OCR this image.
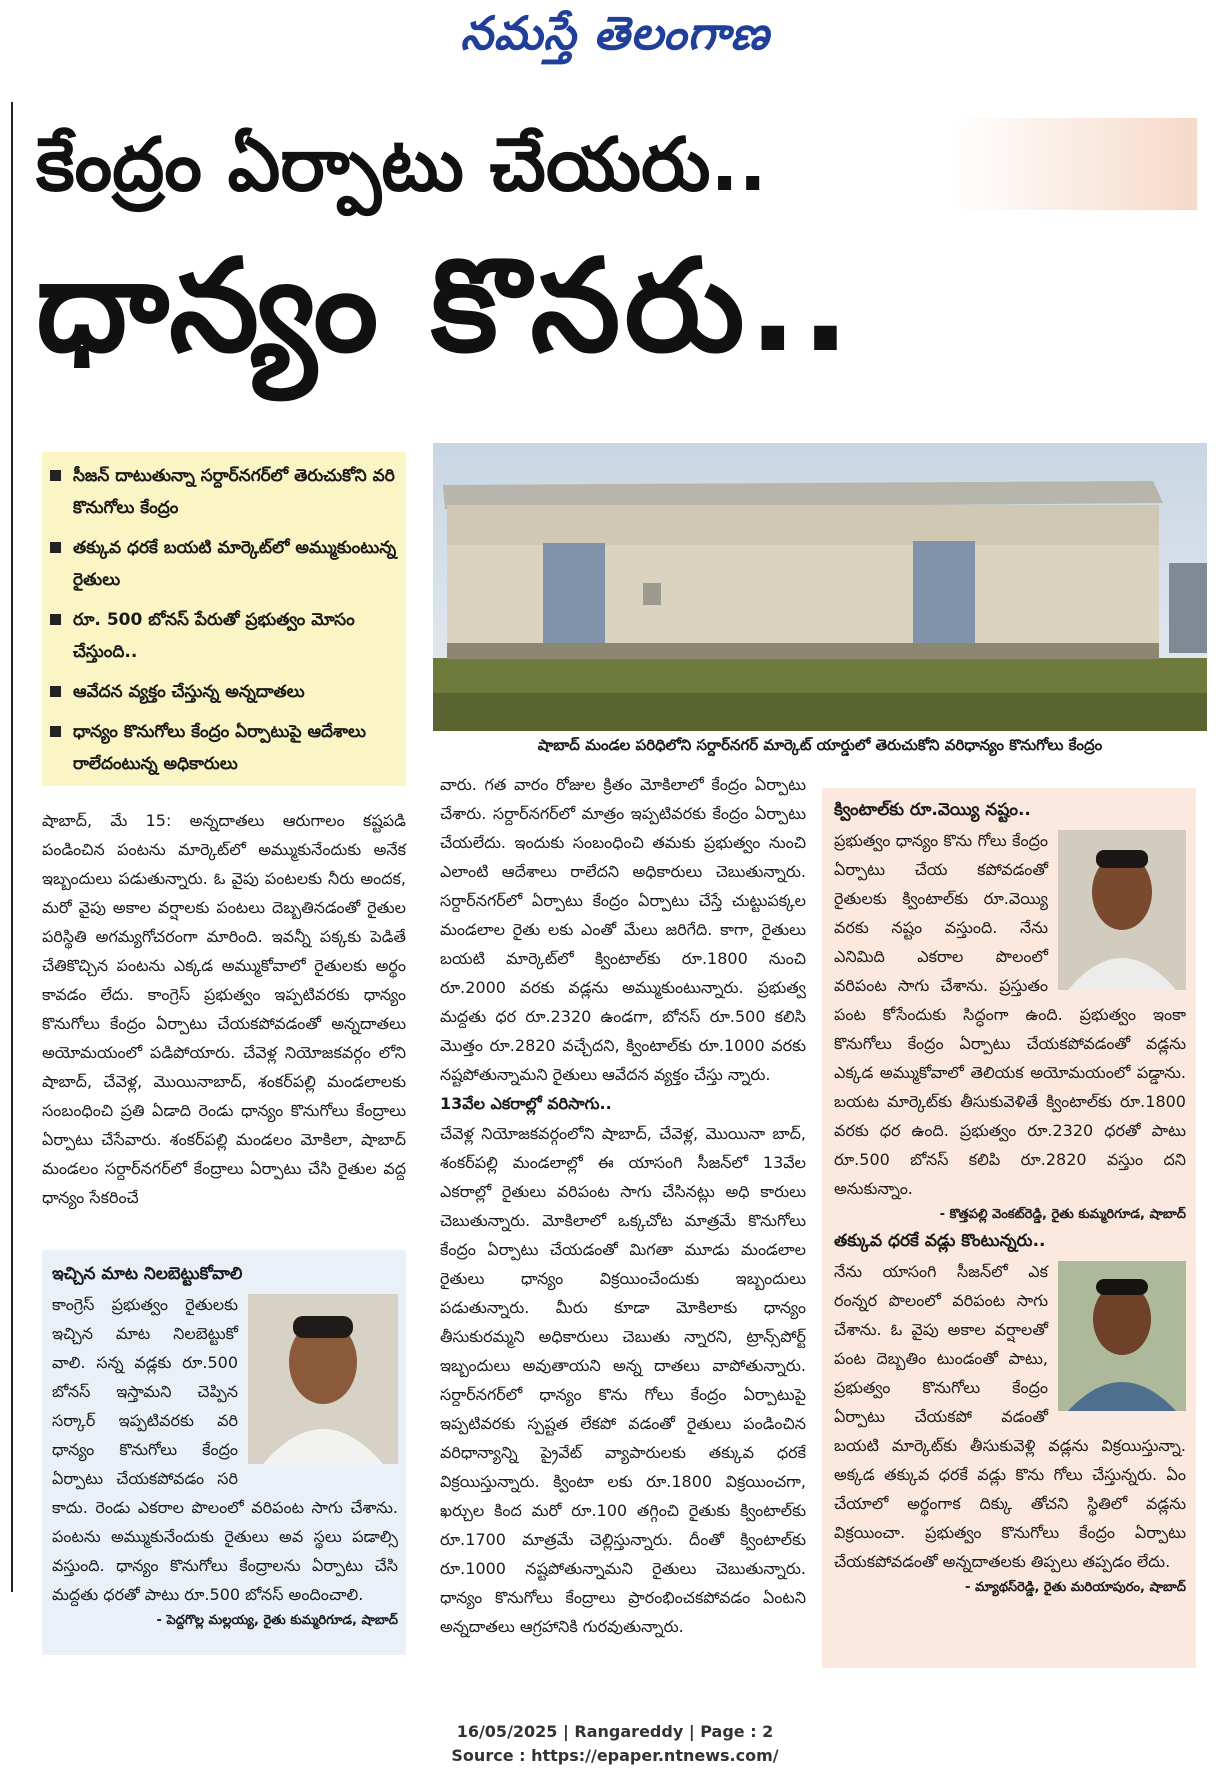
నమస్తే తెలంగాణ
కేంద్రం ఏర్పాటు చేయరు..
ధాన్యం కొనరు..
సీజన్ దాటుతున్నా సర్దార్‌నగర్‌లో తెరుచుకోని వరి కొనుగోలు కేంద్రం
తక్కువ ధరకే బయటి మార్కెట్‌లో అమ్ముకుంటున్న రైతులు
రూ. 500 బోనస్ పేరుతో ప్రభుత్వం మోసం చేస్తుంది..
ఆవేదన వ్యక్తం చేస్తున్న అన్నదాతలు
ధాన్యం కొనుగోలు కేంద్రం ఏర్పాటుపై ఆదేశాలు రాలేదంటున్న అధికారులు
షాబాద్ మండల పరిధిలోని సర్దార్‌నగర్ మార్కెట్ యార్డులో తెరుచుకోని వరిధాన్యం కొనుగోలు కేంద్రం
షాబాద్, మే 15: అన్నదాతలు ఆరుగాలం కష్టపడి పండించిన పంటను మార్కెట్‌లో అమ్ముకునేందుకు అనేక ఇబ్బందులు పడుతున్నారు. ఓ వైపు పంటలకు నీరు అందక, మరో వైపు అకాల వర్షాలకు పంటలు దెబ్బతినడంతో రైతుల పరిస్థితి అగమ్యగోచరంగా మారింది. ఇవన్నీ పక్కకు పెడితే చేతికొచ్చిన పంటను ఎక్కడ అమ్ముకోవాలో రైతులకు అర్థం కావడం లేదు. కాంగ్రెస్ ప్రభుత్వం ఇప్పటివరకు ధాన్యం కొనుగోలు కేంద్రం ఏర్పాటు చేయకపోవడంతో అన్నదాతలు అయోమయంలో పడిపోయారు. చేవెళ్ల నియోజకవర్గం లోని షాబాద్, చేవెళ్ల, మొయినాబాద్, శంకర్‌పల్లి మండలాలకు సంబంధించి ప్రతి ఏడాది రెండు ధాన్యం కొనుగోలు కేంద్రాలు ఏర్పాటు చేసేవారు. శంకర్‌పల్లి మండలం మోకిలా, షాబాద్ మండలం సర్దార్‌నగర్‌లో కేంద్రాలు ఏర్పాటు చేసి రైతుల వద్ద ధాన్యం సేకరించే
వారు. గత వారం రోజుల క్రితం మోకిలాలో కేంద్రం ఏర్పాటు చేశారు. సర్దార్‌నగర్‌లో మాత్రం ఇప్పటివరకు కేంద్రం ఏర్పాటు చేయలేదు. ఇందుకు సంబంధించి తమకు ప్రభుత్వం నుంచి ఎలాంటి ఆదేశాలు రాలేదని అధికారులు చెబుతున్నారు. సర్దార్‌నగర్‌లో ఏర్పాటు కేంద్రం ఏర్పాటు చేస్తే చుట్టుపక్కల మండలాల రైతు లకు ఎంతో మేలు జరిగేది. కాగా, రైతులు బయటి మార్కెట్‌లో క్వింటాల్‌కు రూ.1800 నుంచి రూ.2000 వరకు వడ్లను అమ్ముకుంటున్నారు. ప్రభుత్వ మద్దతు ధర రూ.2320 ఉండగా, బోనస్ రూ.500 కలిసి మొత్తం రూ.2820 వచ్చేదని, క్వింటాల్‌కు రూ.1000 వరకు నష్టపోతున్నామని రైతులు ఆవేదన వ్యక్తం చేస్తు న్నారు.
13వేల ఎకరాల్లో వరిసాగు..
చేవెళ్ల నియోజకవర్గంలోని షాబాద్, చేవెళ్ల, మొయినా బాద్, శంకర్‌పల్లి మండలాల్లో ఈ యాసంగి సీజన్‌లో 13వేల ఎకరాల్లో రైతులు వరిపంట సాగు చేసినట్లు అధి కారులు చెబుతున్నారు. మోకిలాలో ఒక్కచోట మాత్రమే కొనుగోలు కేంద్రం ఏర్పాటు చేయడంతో మిగతా మూడు మండలాల రైతులు ధాన్యం విక్రయించేందుకు ఇబ్బందులు పడుతున్నారు. మీరు కూడా మోకిలాకు ధాన్యం తీసుకురమ్మని అధికారులు చెబుతు న్నారని, ట్రాన్స్‌పోర్ట్ ఇబ్బందులు అవుతాయని అన్న దాతలు వాపోతున్నారు. సర్దార్‌నగర్‌లో ధాన్యం కొను గోలు కేంద్రం ఏర్పాటుపై ఇప్పటివరకు స్పష్టత లేకపో వడంతో రైతులు పండించిన వరిధాన్యాన్ని ప్రైవేట్ వ్యాపారులకు తక్కువ ధరకే విక్రయిస్తున్నారు. క్వింటా లకు రూ.1800 విక్రయించగా, ఖర్చుల కింద మరో రూ.100 తగ్గించి రైతుకు క్వింటాల్‌కు రూ.1700 మాత్రమే చెల్లిస్తున్నారు. దీంతో క్వింటాల్‌కు రూ.1000 నష్టపోతున్నామని రైతులు చెబుతున్నారు. ధాన్యం కొనుగోలు కేంద్రాలు ప్రారంభించకపోవడం ఏంటని అన్నదాతలు ఆగ్రహానికి గురవుతున్నారు.
ఇచ్చిన మాట నిలబెట్టుకోవాలి
కాంగ్రెస్ ప్రభుత్వం రైతులకు ఇచ్చిన మాట నిలబెట్టుకో వాలి. సన్న వడ్లకు రూ.500 బోనస్ ఇస్తామని చెప్పిన సర్కార్ ఇప్పటివరకు వరి ధాన్యం కొనుగోలు కేంద్రం ఏర్పాటు చేయకపోవడం సరి కాదు. రెండు ఎకరాల పొలంలో వరిపంట సాగు చేశాను. పంటను అమ్ముకునేందుకు రైతులు అవ స్థలు పడాల్సి వస్తుంది. ధాన్యం కొనుగోలు కేంద్రాలను ఏర్పాటు చేసి మద్దతు ధరతో పాటు రూ.500 బోనస్ అందించాలి.
- పెద్దగొల్ల మల్లయ్య, రైతు కుమ్మరిగూడ, షాబాద్
క్వింటాల్‌కు రూ.వెయ్యి నష్టం..
ప్రభుత్వం ధాన్యం కొను గోలు కేంద్రం ఏర్పాటు చేయ కపోవడంతో రైతులకు క్వింటాల్‌కు రూ.వెయ్యి వరకు నష్టం వస్తుంది. నేను ఎనిమిది ఎకరాల పొలంలో వరిపంట సాగు చేశాను. ప్రస్తుతం పంట కోసేందుకు సిద్ధంగా ఉంది. ప్రభుత్వం ఇంకా కొనుగోలు కేంద్రం ఏర్పాటు చేయకపోవడంతో వడ్లను ఎక్కడ అమ్ముకోవాలో తెలియక అయోమయంలో పడ్డాను. బయట మార్కెట్‌కు తీసుకువెళితే క్వింటాల్‌కు రూ.1800 వరకు ధర ఉంది. ప్రభుత్వం రూ.2320 ధరతో పాటు రూ.500 బోనస్ కలిపి రూ.2820 వస్తుం దని అనుకున్నాం.
- కొత్తపల్లి వెంకట్‌రెడ్డి, రైతు కుమ్మరిగూడ, షాబాద్
తక్కువ ధరకే వడ్లు కొంటున్నరు..
నేను యాసంగి సీజన్‌లో ఎక రంన్నర పొలంలో వరిపంట సాగు చేశాను. ఓ వైపు అకాల వర్షాలతో పంట దెబ్బతిం టుండంతో పాటు, ప్రభుత్వం కొనుగోలు కేంద్రం ఏర్పాటు చేయకపో వడంతో బయటి మార్కెట్‌కు తీసుకువెళ్లి వడ్లను విక్రయిస్తున్నా. అక్కడ తక్కువ ధరకే వడ్లు కొను గోలు చేస్తున్నరు. ఏం చేయాలో అర్థంగాక దిక్కు తోచని స్థితిలో వడ్లను విక్రయించా. ప్రభుత్వం కొనుగోలు కేంద్రం ఏర్పాటు చేయకపోవడంతో అన్నదాతలకు తిప్పలు తప్పడం లేదు.
- మ్యాథస్‌రెడ్డి, రైతు మరియాపురం, షాబాద్
16/05/2025 | Rangareddy | Page : 2
Source : https://epaper.ntnews.com/
